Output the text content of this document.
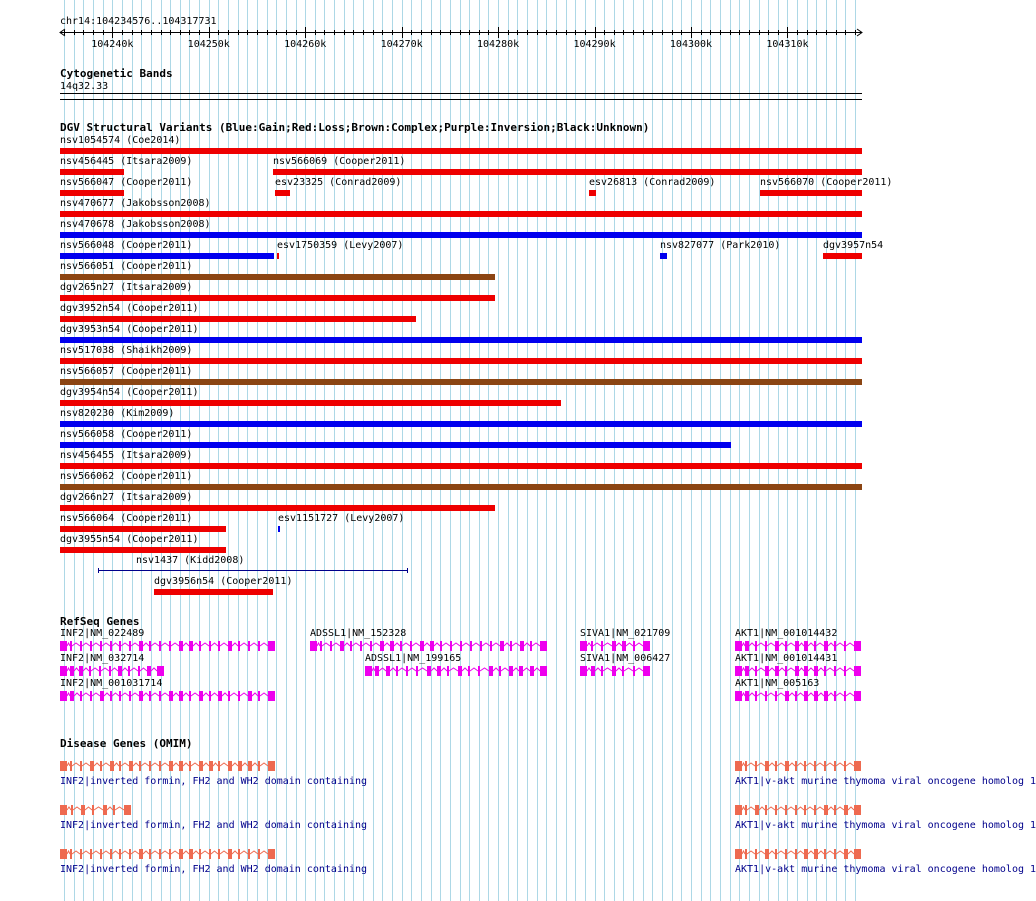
chr14:104234576..104317731
104240k	104250k	104260k	104270k	104280k	104290k	104300k	104310k
Cytogenetic Bands
14q32.33
DGV Structural Variants (Blue:Gain;Red:Loss;Brown:Complex;Purple:Inversion;Black:Unknown)
nsv1054574 (Coe2014)
nsv456445 (Itsara2009)	nsv566069 (Cooper2011)
nsv566047 (Cooper2011)	esv23325 (Conrad2009)	esv26813 (Conrad2009)	nsv566070 (Cooper2011)
nsv470677 (Jakobsson2008)
nsv470678 (Jakobsson2008)
nsv566048 (Cooper2011)	esv1750359 (Levy2007)	nsv827077 (Park2010)	dgv3957n54
nsv566051 (Cooper2011)
dgv265n27 (Itsara2009)
dgv3952n54 (Cooper2011)
dgv3953n54 (Cooper2011)
nsv517038 (Shaikh2009)
nsv566057 (Cooper2011)
dgv3954n54 (Cooper2011)
nsv820230 (Kim2009)
nsv566058 (Cooper2011)
nsv456455 (Itsara2009)
nsv566062 (Cooper2011)
dgv266n27 (Itsara2009)
nsv566064 (Cooper2011)	esv1151727 (Levy2007)
dgv3955n54 (Cooper2011)
nsv1437 (Kidd2008)
dgv3956n54 (Cooper2011)
RefSeq Genes
INF2|NM_022489	ADSSL1|NM_152328	SIVA1|NM_021709	AKT1|NM_001014432
INF2|NM_032714	ADSSL1|NM_199165	SIVA1|NM_006427	AKT1|NM_001014431
INF2|NM_001031714	AKT1|NM_005163
Disease Genes (OMIM)
INF2|inverted formin, FH2 and WH2 domain containing	AKT1|v-akt murine thymoma viral oncogene homolog 1
INF2|inverted formin, FH2 and WH2 domain containing	AKT1|v-akt murine thymoma viral oncogene homolog 1
INF2|inverted formin, FH2 and WH2 domain containing	AKT1|v-akt murine thymoma viral oncogene homolog 1
